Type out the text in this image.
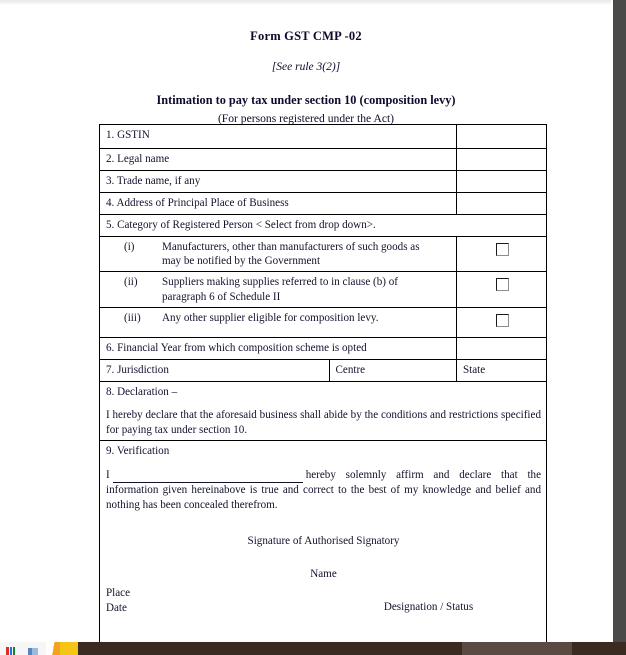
Form GST CMP -02
[See rule 3(2)]
Intimation to pay tax under section 10 (composition levy)
(For persons registered under the Act)
1. GSTIN		
2. Legal name		
3. Trade name, if any		
4. Address of Principal Place of Business		
5. Category of Registered Person < Select from drop down>.		
(i) Manufacturers, other than manufacturers of such goods as may be notified by the Government		
(ii) Suppliers making supplies referred to in clause (b) of paragraph 6 of Schedule II		
(iii) Any other supplier eligible for composition levy.		
6. Financial Year from which composition scheme is opted		
7. Jurisdiction	Centre	State

8. Declaration –
I hereby declare that the aforesaid business shall abide by the conditions and restrictions specified for paying tax under section 10.		

9. Verification
I	hereby solemnly affirm and declare that the information given hereinabove is true and correct to the best of my knowledge and belief and nothing has been concealed therefrom.
Signature of Authorised Signatory
Name
Place
Date	Designation / Status
